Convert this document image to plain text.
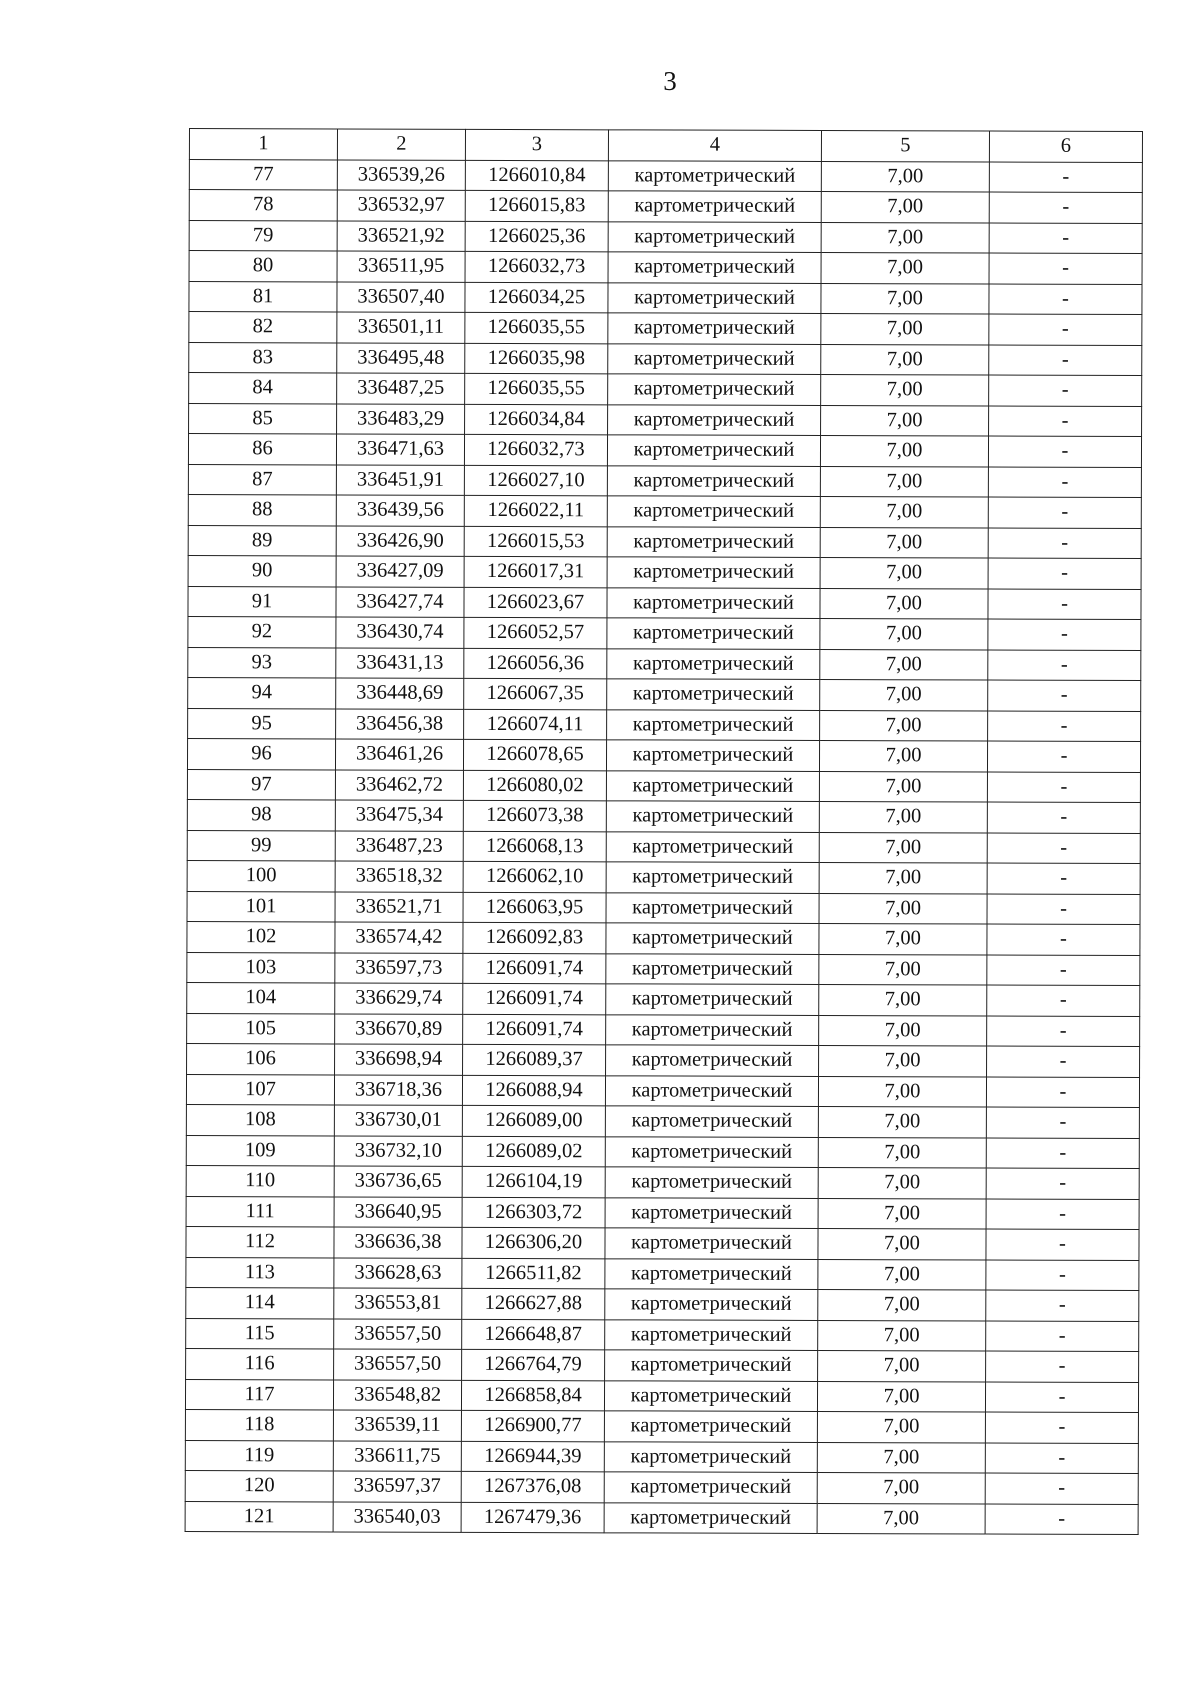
3
1	2	3	4	5	6
77	336539,26	1266010,84	картометрический	7,00	-
78	336532,97	1266015,83	картометрический	7,00	-
79	336521,92	1266025,36	картометрический	7,00	-
80	336511,95	1266032,73	картометрический	7,00	-
81	336507,40	1266034,25	картометрический	7,00	-
82	336501,11	1266035,55	картометрический	7,00	-
83	336495,48	1266035,98	картометрический	7,00	-
84	336487,25	1266035,55	картометрический	7,00	-
85	336483,29	1266034,84	картометрический	7,00	-
86	336471,63	1266032,73	картометрический	7,00	-
87	336451,91	1266027,10	картометрический	7,00	-
88	336439,56	1266022,11	картометрический	7,00	-
89	336426,90	1266015,53	картометрический	7,00	-
90	336427,09	1266017,31	картометрический	7,00	-
91	336427,74	1266023,67	картометрический	7,00	-
92	336430,74	1266052,57	картометрический	7,00	-
93	336431,13	1266056,36	картометрический	7,00	-
94	336448,69	1266067,35	картометрический	7,00	-
95	336456,38	1266074,11	картометрический	7,00	-
96	336461,26	1266078,65	картометрический	7,00	-
97	336462,72	1266080,02	картометрический	7,00	-
98	336475,34	1266073,38	картометрический	7,00	-
99	336487,23	1266068,13	картометрический	7,00	-
100	336518,32	1266062,10	картометрический	7,00	-
101	336521,71	1266063,95	картометрический	7,00	-
102	336574,42	1266092,83	картометрический	7,00	-
103	336597,73	1266091,74	картометрический	7,00	-
104	336629,74	1266091,74	картометрический	7,00	-
105	336670,89	1266091,74	картометрический	7,00	-
106	336698,94	1266089,37	картометрический	7,00	-
107	336718,36	1266088,94	картометрический	7,00	-
108	336730,01	1266089,00	картометрический	7,00	-
109	336732,10	1266089,02	картометрический	7,00	-
110	336736,65	1266104,19	картометрический	7,00	-
111	336640,95	1266303,72	картометрический	7,00	-
112	336636,38	1266306,20	картометрический	7,00	-
113	336628,63	1266511,82	картометрический	7,00	-
114	336553,81	1266627,88	картометрический	7,00	-
115	336557,50	1266648,87	картометрический	7,00	-
116	336557,50	1266764,79	картометрический	7,00	-
117	336548,82	1266858,84	картометрический	7,00	-
118	336539,11	1266900,77	картометрический	7,00	-
119	336611,75	1266944,39	картометрический	7,00	-
120	336597,37	1267376,08	картометрический	7,00	-
121	336540,03	1267479,36	картометрический	7,00	-
